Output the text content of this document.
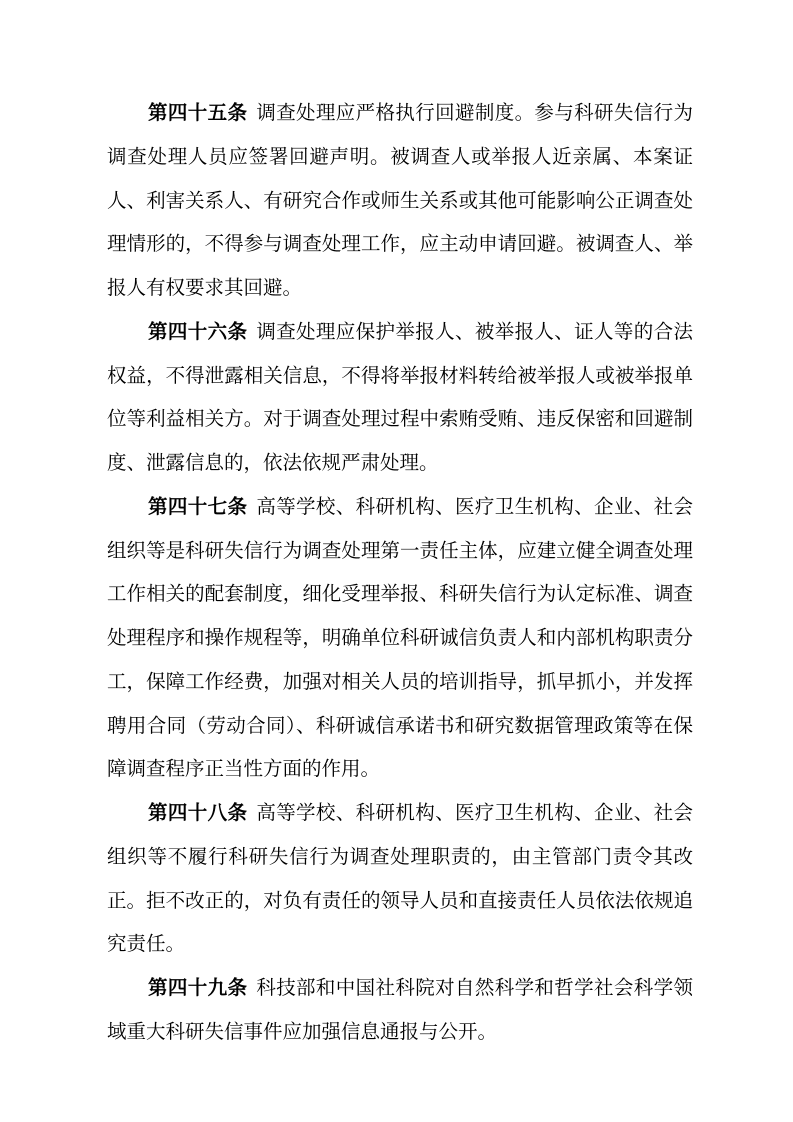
第四十五条 调查处理应严格执行回避制度。参与科研失信行为调查处理人员应签署回避声明。被调查人或举报人近亲属、本案证人、利害关系人、有研究合作或师生关系或其他可能影响公正调查处理情形的，不得参与调查处理工作，应主动申请回避。被调查人、举报人有权要求其回避。

第四十六条 调查处理应保护举报人、被举报人、证人等的合法权益，不得泄露相关信息，不得将举报材料转给被举报人或被举报单位等利益相关方。对于调查处理过程中索贿受贿、违反保密和回避制度、泄露信息的，依法依规严肃处理。

第四十七条 高等学校、科研机构、医疗卫生机构、企业、社会组织等是科研失信行为调查处理第一责任主体，应建立健全调查处理工作相关的配套制度，细化受理举报、科研失信行为认定标准、调查处理程序和操作规程等，明确单位科研诚信负责人和内部机构职责分工，保障工作经费，加强对相关人员的培训指导，抓早抓小，并发挥聘用合同（劳动合同）、科研诚信承诺书和研究数据管理政策等在保障调查程序正当性方面的作用。

第四十八条 高等学校、科研机构、医疗卫生机构、企业、社会组织等不履行科研失信行为调查处理职责的，由主管部门责令其改正。拒不改正的，对负有责任的领导人员和直接责任人员依法依规追究责任。

第四十九条 科技部和中国社科院对自然科学和哲学社会科学领域重大科研失信事件应加强信息通报与公开。
